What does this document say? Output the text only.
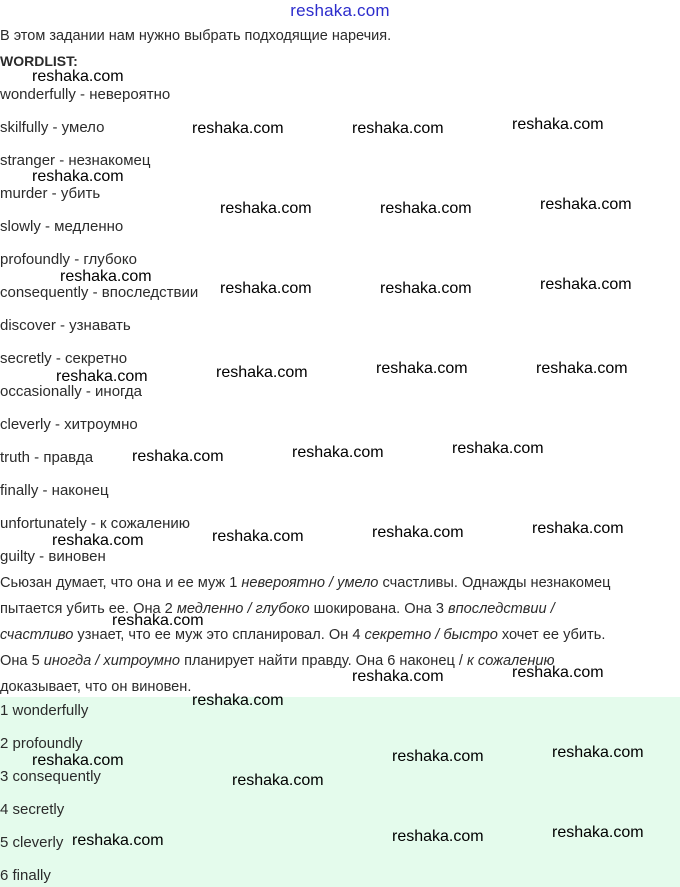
reshaka.com
В этом задании нам нужно выбрать подходящие наречия.
WORDLIST:
wonderfully - невероятно
skilfully - умело
stranger - незнакомец
murder - убить
slowly - медленно
profoundly - глубоко
consequently - впоследствии
discover - узнавать
secretly - секретно
occasionally - иногда
cleverly - хитроумно
truth - правда
finally - наконец
unfortunately - к сожалению
guilty - виновен

Сьюзан думает, что она и ее муж 1 невероятно / умело счастливы. Однажды незнакомец

пытается убить ее. Она 2 медленно / глубоко шокирована. Она 3 впоследствии /

счастливо узнает, что ее муж это спланировал. Он 4 секретно / быстро хочет ее убить.

Она 5 иногда / хитроумно планирует найти правду. Она 6 наконец / к сожалению

доказывает, что он виновен.

1 wonderfully
2 profoundly
3 consequently
4 secretly
5 cleverly
6 finally
reshaka.com
reshaka.com	reshaka.com	reshaka.com
reshaka.com
reshaka.com	reshaka.com	reshaka.com
reshaka.com
reshaka.com	reshaka.com	reshaka.com
reshaka.com	reshaka.com	reshaka.com	reshaka.com
reshaka.com	reshaka.com	reshaka.com
reshaka.com	reshaka.com	reshaka.com	reshaka.com
reshaka.com
reshaka.com	reshaka.com
reshaka.com
reshaka.com	reshaka.com	reshaka.com
reshaka.com
reshaka.com	reshaka.com	reshaka.com
